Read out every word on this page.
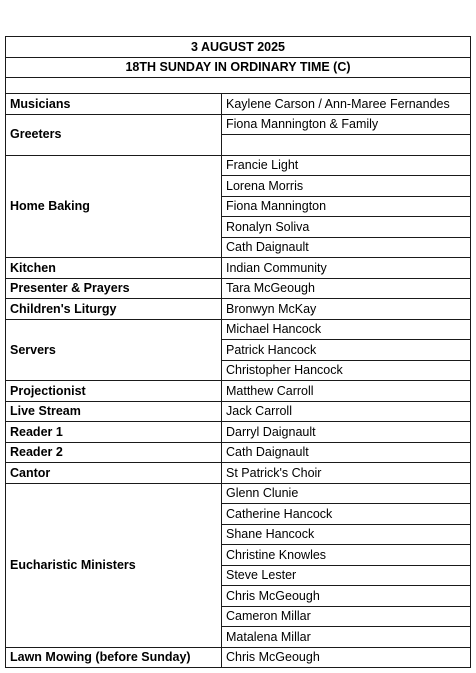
3 AUGUST 2025	
18TH SUNDAY IN ORDINARY TIME (C)	

Musicians	Kaylene Carson / Ann-Maree Fernandes
Greeters	Fiona Mannington & Family

Home Baking	Francie Light
	Lorena Morris
	Fiona Mannington
	Ronalyn Soliva
	Cath Daignault
Kitchen	Indian Community
Presenter & Prayers	Tara McGeough
Children's Liturgy	Bronwyn McKay
Servers	Michael Hancock
	Patrick Hancock
	Christopher Hancock
Projectionist	Matthew Carroll
Live Stream	Jack Carroll
Reader 1	Darryl Daignault
Reader 2	Cath Daignault
Cantor	St Patrick's Choir
Eucharistic Ministers	Glenn Clunie
	Catherine Hancock
	Shane Hancock
	Christine Knowles
	Steve Lester
	Chris McGeough
	Cameron Millar
	Matalena Millar
Lawn Mowing (before Sunday)	Chris McGeough
